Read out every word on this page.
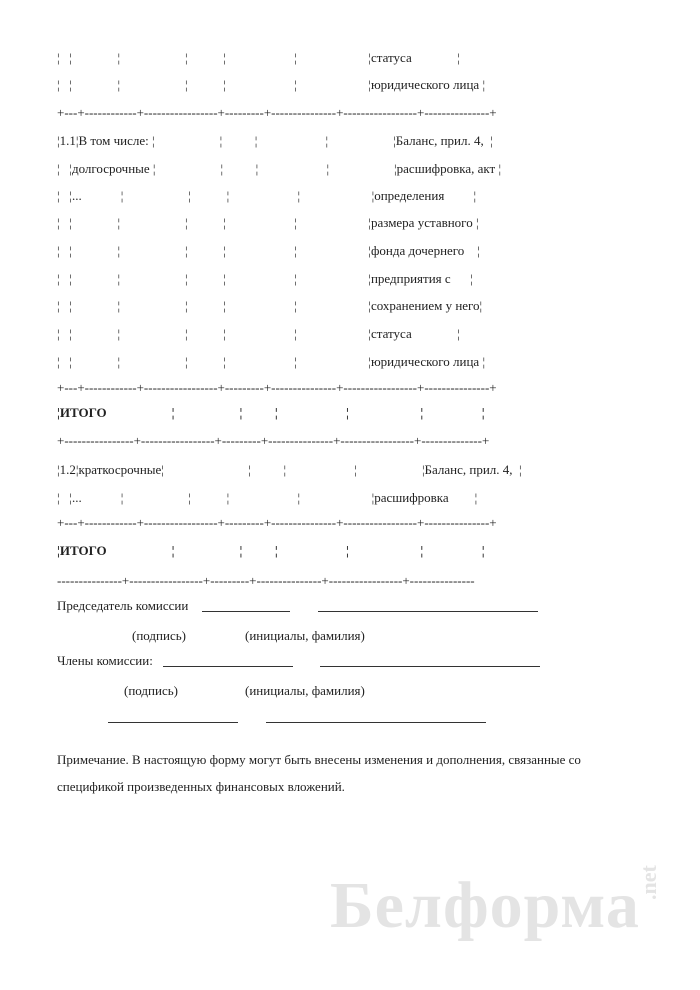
¦   ¦              ¦                    ¦           ¦                     ¦                      ¦статуса              ¦
¦   ¦              ¦                    ¦           ¦                     ¦                      ¦юридического лица ¦
+---+------------+-----------------+---------+---------------+-----------------+---------------+
¦1.1¦В том числе: ¦                    ¦          ¦                     ¦                    ¦Баланс, прил. 4,  ¦
¦   ¦долгосрочные ¦                    ¦          ¦                     ¦                    ¦расшифровка, акт ¦
¦   ¦...            ¦                    ¦           ¦                     ¦                      ¦определения         ¦
¦   ¦              ¦                    ¦           ¦                     ¦                      ¦размера уставного ¦
¦   ¦              ¦                    ¦           ¦                     ¦                      ¦фонда дочернего    ¦
¦   ¦              ¦                    ¦           ¦                     ¦                      ¦предприятия с      ¦
¦   ¦              ¦                    ¦           ¦                     ¦                      ¦сохранением у него¦
¦   ¦              ¦                    ¦           ¦                     ¦                      ¦статуса              ¦
¦   ¦              ¦                    ¦           ¦                     ¦                      ¦юридического лица ¦
+---+------------+-----------------+---------+---------------+-----------------+---------------+
¦ИТОГО                    ¦                    ¦          ¦                     ¦                      ¦                  ¦
+----------------+-----------------+---------+---------------+-----------------+--------------+
¦1.2¦краткосрочные¦                          ¦          ¦                     ¦                    ¦Баланс, прил. 4,  ¦
¦   ¦...            ¦                    ¦           ¦                     ¦                      ¦расшифровка        ¦
+---+------------+-----------------+---------+---------------+-----------------+---------------+
¦ИТОГО                    ¦                    ¦          ¦                     ¦                      ¦                  ¦
---------------+-----------------+---------+---------------+-----------------+---------------
Председатель комиссии
(подпись)	(инициалы, фамилия)
Члены комиссии:
(подпись)	(инициалы, фамилия)
Примечание. В настоящую форму могут быть внесены изменения и дополнения, связанные со
спецификой произведенных финансовых вложений.
Белформа
.net
